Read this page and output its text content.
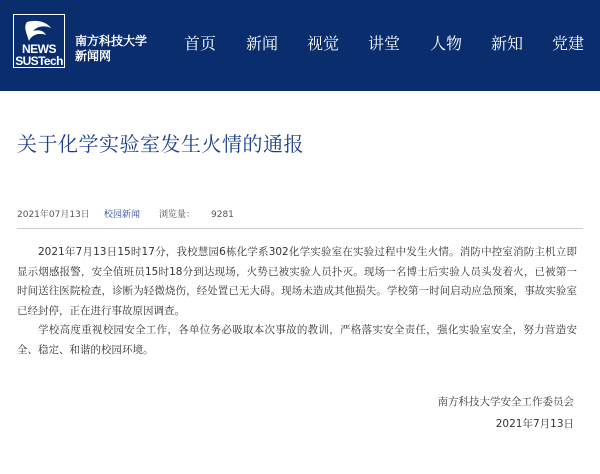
NEWS
SUSTech
南方科技大学
新闻网
首页 新闻 视觉 讲堂 人物 新知 党建
关于化学实验室发生火情的通报
2021年07月13日 校园新闻 浏览量： 9281

2021年7月13日15时17分，我校慧园6栋化学系302化学实验室在实验过程中发生火情。消防中控室消防主机立即显示烟感报警，安全值班员15时18分到达现场，火势已被实验人员扑灭。现场一名博士后实验人员头发着火，已被第一时间送往医院检查，诊断为轻微烧伤，经处置已无大碍。现场未造成其他损失。学校第一时间启动应急预案，事故实验室已经封停，正在进行事故原因调查。

学校高度重视校园安全工作，各单位务必吸取本次事故的教训，严格落实安全责任，强化实验室安全，努力营造安全、稳定、和谐的校园环境。

南方科技大学安全工作委员会
2021年7月13日
